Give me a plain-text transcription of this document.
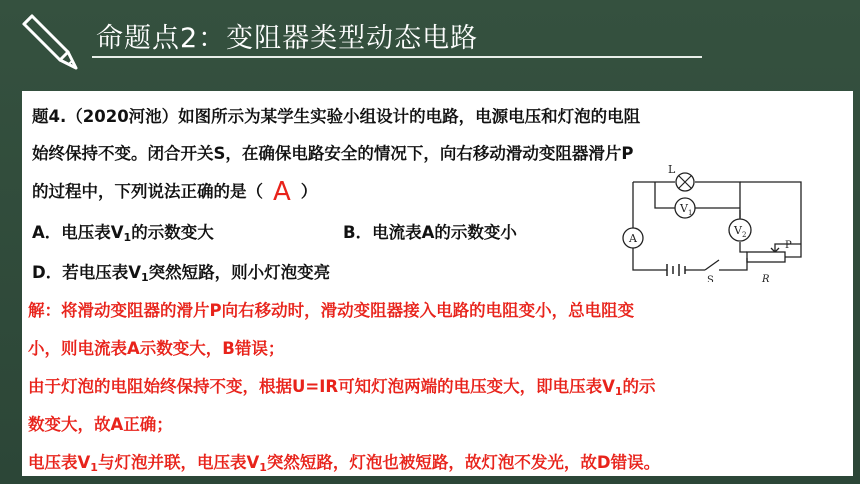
命题点2：变阻器类型动态电路
题4.（2020河池）如图所示为某学生实验小组设计的电路，电源电压和灯泡的电阻
始终保持不变。闭合开关S，在确保电路安全的情况下，向右移动滑动变阻器滑片P
的过程中，下列说法正确的是（ A ）
A．电压表$V_1$的示数变大	B．电流表A的示数变小
D．若电压表$V_1$突然短路，则小灯泡变亮
解：将滑动变阻器的滑片P向右移动时，滑动变阻器接入电路的电阻变小，总电阻变
小，则电流表A示数变大，B错误；
由于灯泡的电阻始终保持不变，根据U=IR可知灯泡两端的电压变大，即电压表$V_1$的示
数变大，故A正确；
电压表$V_1$与灯泡并联，电压表$V_1$突然短路，灯泡也被短路，故灯泡不发光，故D错误。
L
V 1
V 2
A
S
P
R
